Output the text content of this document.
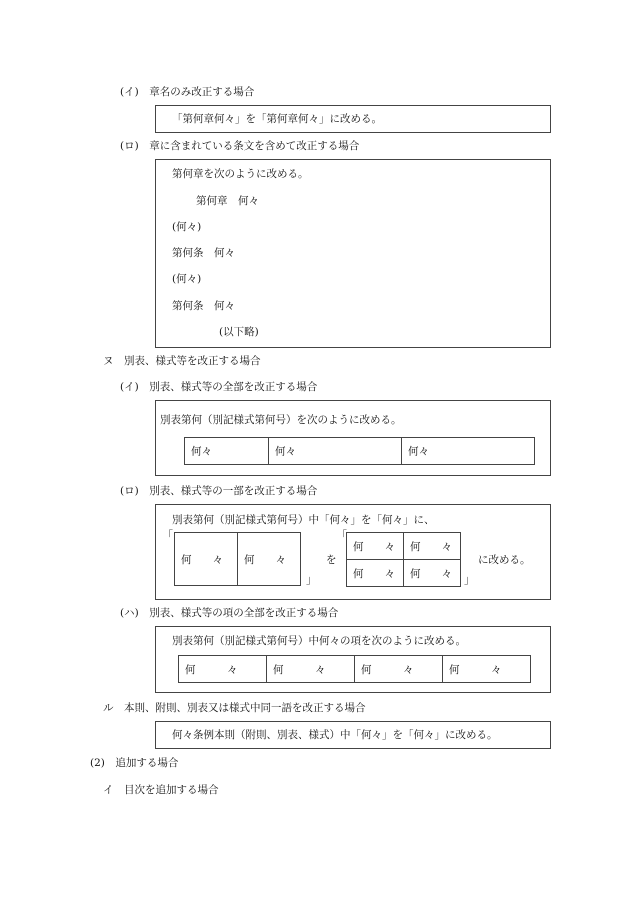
(イ)　章名のみ改正する場合
「第何章何々」を「第何章何々」に改める。
(ロ)　章に含まれている条文を含めて改正する場合
第何章を次のように改める。
第何章　何々
(何々)
第何条　何々
(何々)
第何条　何々
(以下略)
ヌ　別表、様式等を改正する場合
(イ)　別表、様式等の全部を改正する場合
別表第何（別記様式第何号）を次のように改める。
何々	何々	何々
(ロ)　別表、様式等の一部を改正する場合
別表第何（別記様式第何号）中「何々」を「何々」に、
「
何　　々	何　　々
」
を
「
何　　々	何　　々
何　　々	何　　々	」
に改める。
(ハ)　別表、様式等の項の全部を改正する場合
別表第何（別記様式第何号）中何々の項を次のように改める。
何　　　々	何　　　々	何　　　々	何　　　々
ル　本則、附則、別表又は様式中同一語を改正する場合
何々条例本則（附則、別表、様式）中「何々」を「何々」に改める。
(2)　追加する場合
イ　目次を追加する場合
